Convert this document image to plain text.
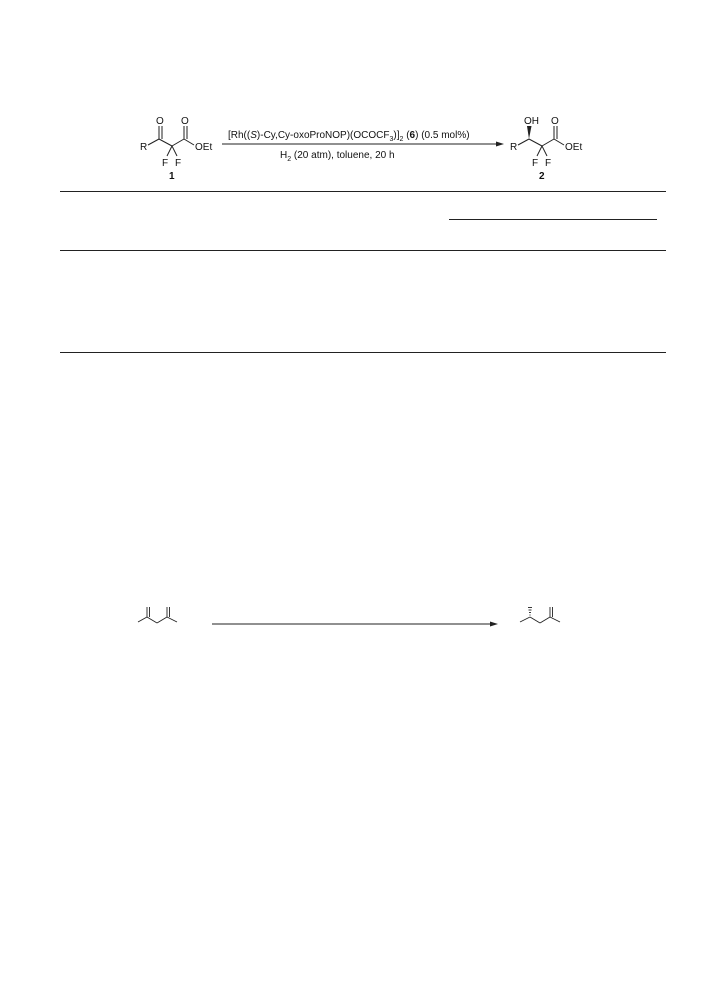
R
O O
OEt
F F
1
$[Rh((S)-Cy,Cy-oxoProNOP)(OCOCF_3)]_2$ (6) (0.5 mol%)
$H_2$ (20 atm), toluene, 20 h
OH
R
O
OEt
F F
2
